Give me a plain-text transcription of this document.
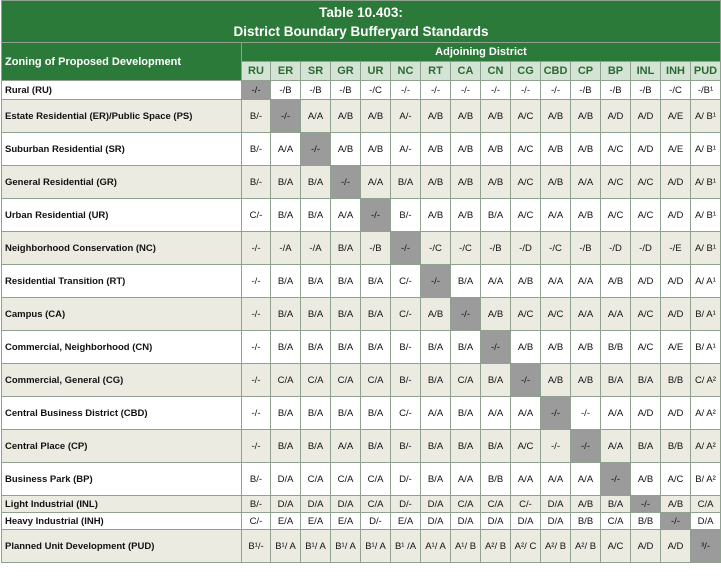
Table 10.403:
District Boundary Bufferyard Standards																

Zoning of Proposed Development	Adjoining District															
	RU	ER	SR	GR	UR	NC	RT	CA	CN	CG	CBD	CP	BP	INL	INH	PUD
Rural (RU)	-/-	-/B	-/B	-/B	-/C	-/-	-/-	-/-	-/-	-/-	-/-	-/B	-/B	-/B	-/C	-/B¹
Estate Residential (ER)/Public Space (PS)	B/-	-/-	A/A	A/B	A/B	A/-	A/B	A/B	A/B	A/C	A/B	A/B	A/D	A/D	A/E	A/ B¹
Suburban Residential (SR)	B/-	A/A	-/-	A/B	A/B	A/-	A/B	A/B	A/B	A/C	A/B	A/B	A/C	A/D	A/E	A/ B¹
General Residential (GR)	B/-	B/A	B/A	-/-	A/A	B/A	A/B	A/B	A/B	A/C	A/B	A/A	A/C	A/C	A/D	A/ B¹
Urban Residential (UR)	C/-	B/A	B/A	A/A	-/-	B/-	A/B	A/B	B/A	A/C	A/A	A/B	A/C	A/C	A/D	A/ B¹
Neighborhood Conservation (NC)	-/-	-/A	-/A	B/A	-/B	-/-	-/C	-/C	-/B	-/D	-/C	-/B	-/D	-/D	-/E	A/ B¹
Residential Transition (RT)	-/-	B/A	B/A	B/A	B/A	C/-	-/-	B/A	A/A	A/B	A/A	A/A	A/B	A/D	A/D	A/ A¹
Campus (CA)	-/-	B/A	B/A	B/A	B/A	C/-	A/B	-/-	A/B	A/C	A/C	A/A	A/A	A/C	A/D	B/ A¹
Commercial, Neighborhood (CN)	-/-	B/A	B/A	B/A	B/A	B/-	B/A	B/A	-/-	A/B	A/B	A/B	B/B	A/C	A/E	B/ A¹
Commercial, General (CG)	-/-	C/A	C/A	C/A	C/A	B/-	B/A	C/A	B/A	-/-	A/B	A/B	B/A	B/A	B/B	C/ A²
Central Business District (CBD)	-/-	B/A	B/A	B/A	B/A	C/-	A/A	B/A	A/A	A/A	-/-	-/-	A/A	A/D	A/D	A/ A²
Central Place (CP)	-/-	B/A	B/A	A/A	B/A	B/-	B/A	B/A	B/A	A/C	-/-	-/-	A/A	B/A	B/B	A/ A²
Business Park (BP)	B/-	D/A	C/A	C/A	C/A	D/-	B/A	A/A	B/B	A/A	A/A	A/A	-/-	A/B	A/C	B/ A²
Light Industrial (INL)	B/-	D/A	D/A	D/A	C/A	D/-	D/A	C/A	C/A	C/-	D/A	A/B	B/A	-/-	A/B	C/A
Heavy Industrial (INH)	C/-	E/A	E/A	E/A	D/-	E/A	D/A	D/A	D/A	D/A	D/A	B/B	C/A	B/B	-/-	D/A
Planned Unit Development (PUD)	B¹/-	B¹/ A	B¹/ A	B¹/ A	B¹/ A	B¹ /A	A¹/ A	A¹/ B	A²/ B	A²/ C	A²/ B	A²/ B	A/C	A/D	A/D	³/-
